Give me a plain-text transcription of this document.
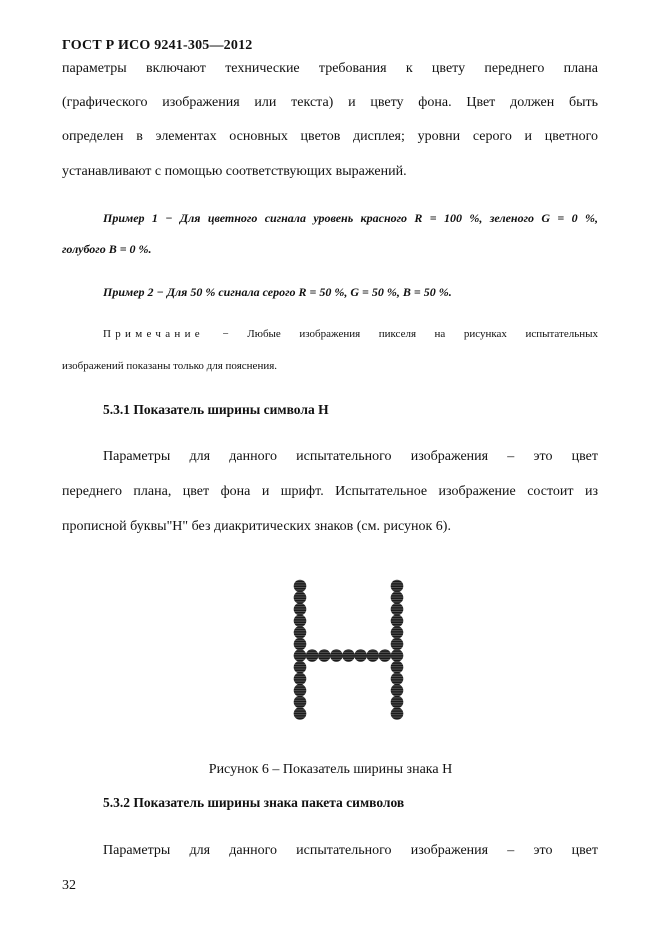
ГОСТ Р ИСО 9241-305—2012
параметры включают технические требования к цвету переднего плана
(графического изображения или текста) и цвету фона. Цвет должен быть
определен в элементах основных цветов дисплея; уровни серого и цветного
устанавливают с помощью соответствующих выражений.
Пример 1 − Для цветного сигнала уровень красного R = 100 %, зеленого G = 0 %,
голубого B = 0 %.
Пример 2 − Для 50 % сигнала серого R = 50 %, G = 50 %, B = 50 %.
Примечание − Любые изображения пикселя на рисунках испытательных
изображений показаны только для пояснения.
5.3.1 Показатель ширины символа H
Параметры для данного испытательного изображения – это цвет
переднего плана, цвет фона и шрифт. Испытательное изображение состоит из
прописной буквы"H" без диакритических знаков (см. рисунок 6).
Рисунок 6 – Показатель ширины знака H
5.3.2 Показатель ширины знака пакета символов
Параметры для данного испытательного изображения – это цвет
32
